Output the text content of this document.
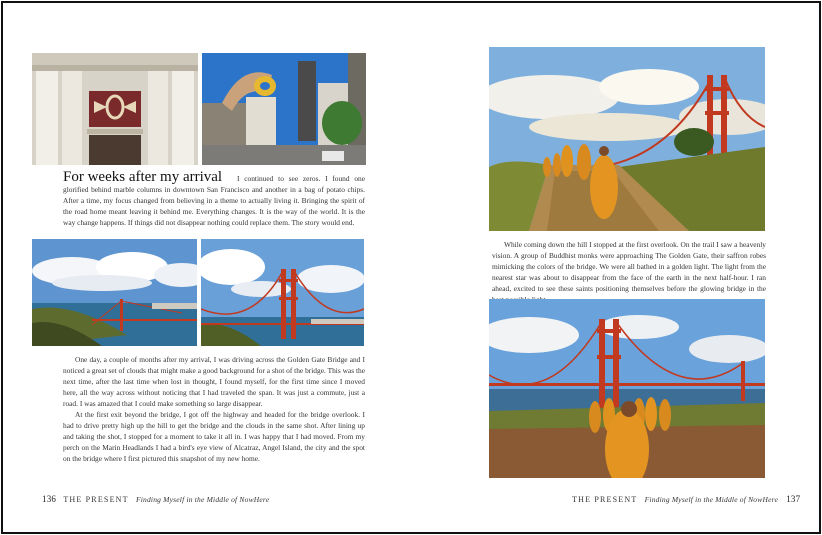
For weeks after my arrival	I continued to see zeros. I found one glorified behind marble columns in downtown San Francisco and another in a bag of potato chips. After a time, my focus changed from believing in a theme to actually living it. Bringing the spirit of the road home meant leaving it behind me. Everything changes. It is the way of the world. It is the way change happens. If things did not disappear nothing could replace them. The story would end.

One day, a couple of months after my arrival, I was driving across the Golden Gate Bridge and I noticed a great set of clouds that might make a good background for a shot of the bridge. This was the next time, after the last time when lost in thought, I found myself, for the first time since I moved here, all the way across without noticing that I had traveled the span. It was just a commute, just a road. I was amazed that I could make something so large disappear.

At the first exit beyond the bridge, I got off the highway and headed for the bridge overlook. I had to drive pretty high up the hill to get the bridge and the clouds in the same shot. After lining up and taking the shot, I stopped for a moment to take it all in. I was happy that I had moved. From my perch on the Marin Headlands I had a bird's eye view of Alcatraz, Angel Island, the city and the spot on the bridge where I first pictured this snapshot of my new home.

136 THE PRESENT Finding Myself in the Middle of NowHere

While coming down the hill I stopped at the first overlook. On the trail I saw a heavenly vision. A group of Buddhist monks were approaching The Golden Gate, their saffron robes mimicking the colors of the bridge. We were all bathed in a golden light. The light from the nearest star was about to disappear from the face of the earth in the next half-hour. I ran ahead, excited to see these saints positioning themselves before the glowing bridge in the

THE PRESENT Finding Myself in the Middle of NowHere 137
